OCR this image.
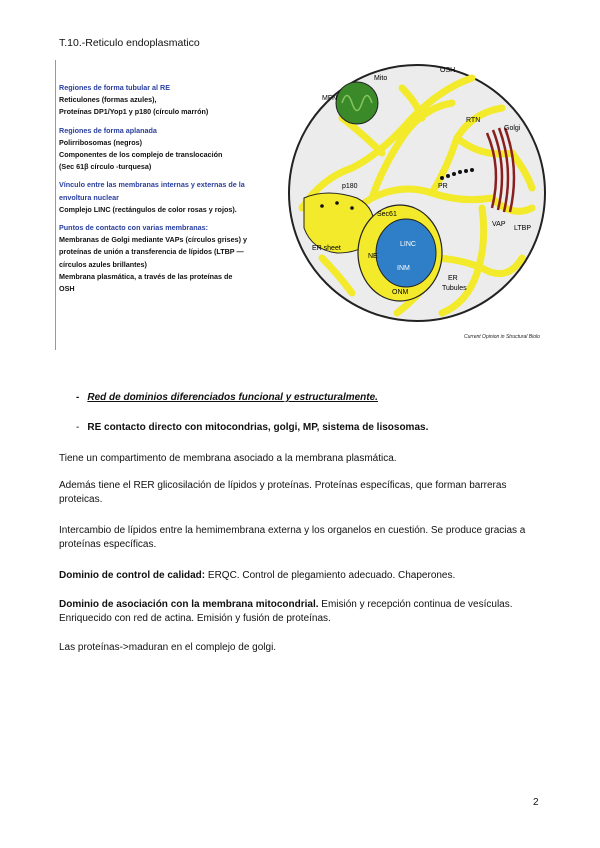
T.10.-Reticulo endoplasmatico
Regiones de forma tubular al RE
Reticulones (formas azules),
Proteínas DP1/Yop1 y p180 (círculo marrón)
Regiones de forma aplanada
Polirribosomas (negros)
Componentes de los complejo de translocación
(Sec 61β círculo -turquesa)
Vínculo entre las membranas internas y externas de la
envoltura nuclear
Complejo LINC (rectángulos de color rosas y rojos).
Puntos de contacto con varias membranas:
Membranas de Golgi mediante VAPs (círculos grises) y
proteínas de unión a transferencia de lípidos (LTBP —
círculos azules brillantes)
Membrana plasmática, a través de las proteínas de
OSH
Mito
MFN
OSH
RTN
Golgi
p180
Sec61
PR
VAP
LTBP
ER sheet
NE
LINC
INM
ONM
ER
Tubules
Current Opinion in Structural Biolo
- Red de dominios diferenciados funcional y estructuralmente.
- RE contacto directo con mitocondrias, golgi, MP, sistema de lisosomas.
Tiene un compartimento de membrana asociado a la membrana plasmática.
Además tiene el RER glicosilación de lípidos y proteínas. Proteínas específicas, que forman barreras proteicas.
Intercambio de lípidos entre la hemimembrana externa y los organelos en cuestión. Se produce gracias a proteínas específicas.
Dominio de control de calidad: ERQC. Control de plegamiento adecuado. Chaperones.
Dominio de asociación con la membrana mitocondrial. Emisión y recepción continua de vesículas. Enriquecido con red de actina. Emisión y fusión de proteínas.
Las proteínas->maduran en el complejo de golgi.
2
